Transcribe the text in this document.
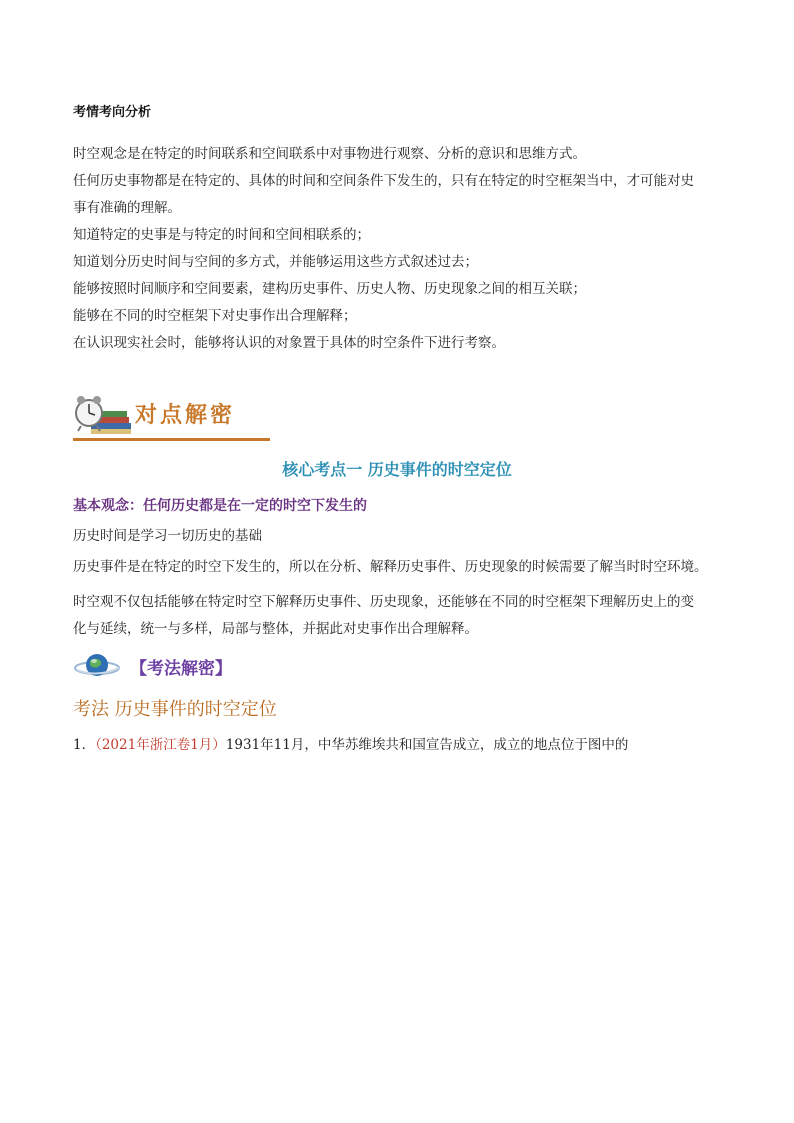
考情考向分析
时空观念是在特定的时间联系和空间联系中对事物进行观察、分析的意识和思维方式。
任何历史事物都是在特定的、具体的时间和空间条件下发生的，只有在特定的时空框架当中，才可能对史
事有准确的理解。
知道特定的史事是与特定的时间和空间相联系的；
知道划分历史时间与空间的多方式，并能够运用这些方式叙述过去；
能够按照时间顺序和空间要素，建构历史事件、历史人物、历史现象之间的相互关联；
能够在不同的时空框架下对史事作出合理解释；
在认识现实社会时，能够将认识的对象置于具体的时空条件下进行考察。
对点解密
核心考点一 历史事件的时空定位
基本观念：任何历史都是在一定的时空下发生的
历史时间是学习一切历史的基础
历史事件是在特定的时空下发生的，所以在分析、解释历史事件、历史现象的时候需要了解当时时空环境。
时空观不仅包括能够在特定时空下解释历史事件、历史现象，还能够在不同的时空框架下理解历史上的变
化与延续，统一与多样，局部与整体，并据此对史事作出合理解释。
【考法解密】
考法 历史事件的时空定位
1．（2021年浙江卷1月）1931年11月，中华苏维埃共和国宣告成立，成立的地点位于图中的
